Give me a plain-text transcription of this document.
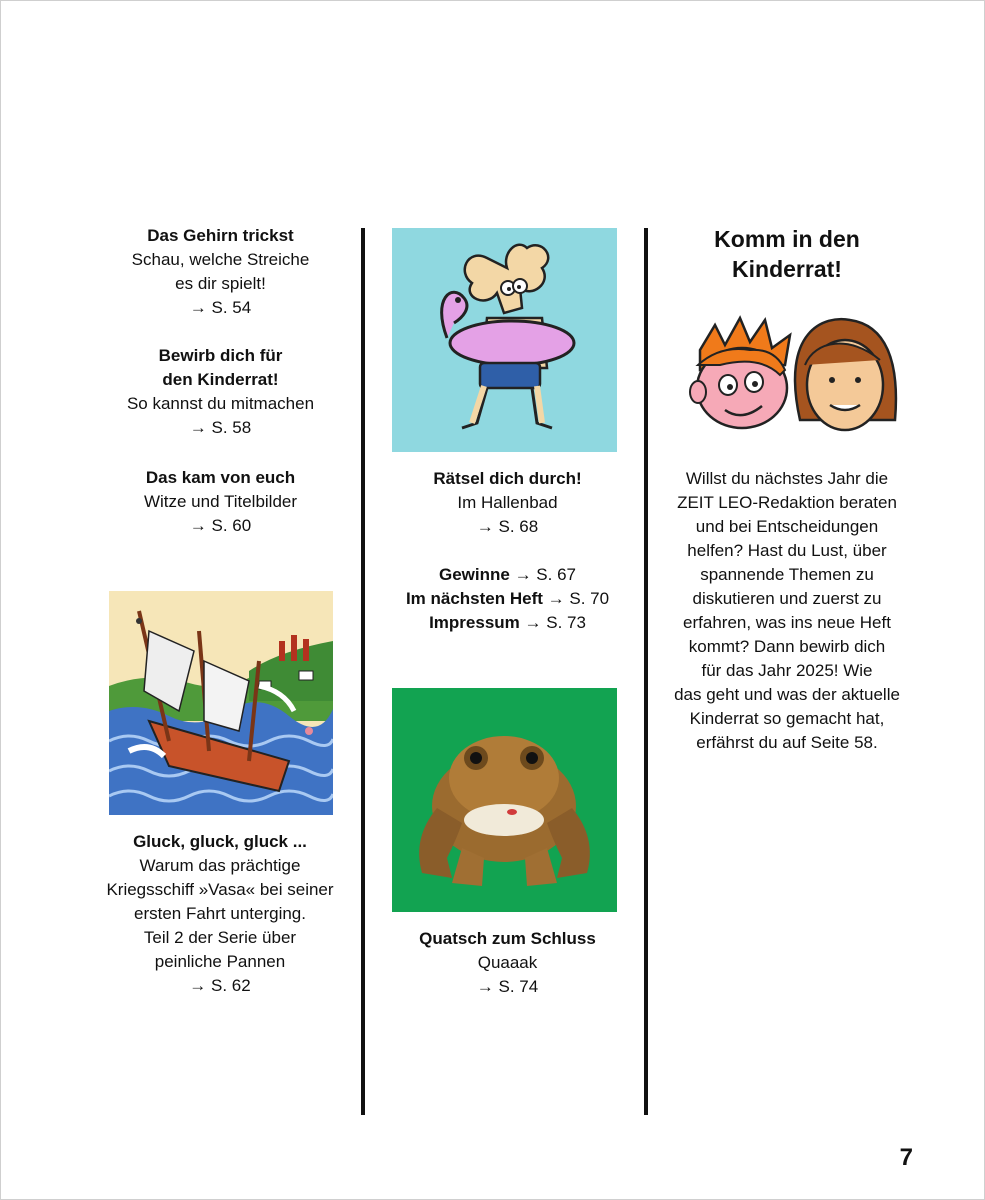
Das Gehirn trickst

Schau, welche Streiche

es dir spielt!

→ S. 54

Bewirb dich für

den Kinderrat!

So kannst du mitmachen

→ S. 58

Das kam von euch

Witze und Titelbilder

→ S. 60

Gluck, gluck, gluck ...

Warum das prächtige

Kriegsschiff »Vasa« bei seiner

ersten Fahrt unterging.

Teil 2 der Serie über

peinliche Pannen

→ S. 62

Rätsel dich durch!

Im Hallenbad

→ S. 68

Gewinne → S. 67

Im nächsten Heft → S. 70

Impressum → S. 73

Quatsch zum Schluss

Quaaak

→ S. 74

Komm in den

Kinderrat!

Willst du nächstes Jahr die

ZEIT LEO-Redaktion beraten

und bei Entscheidungen

helfen? Hast du Lust, über

spannende Themen zu

diskutieren und zuerst zu

erfahren, was ins neue Heft

kommt? Dann bewirb dich

für das Jahr 2025! Wie

das geht und was der aktuelle

Kinderrat so gemacht hat,

erfährst du auf Seite 58.

7
